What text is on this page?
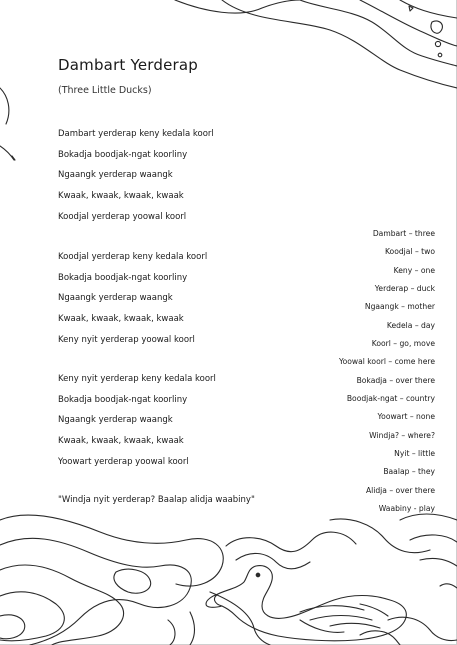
Dambart Yerderap
(Three Little Ducks)
Dambart yerderap keny kedala koorl
Bokadja boodjak-ngat koorliny
Ngaangk yerderap waangk
Kwaak, kwaak, kwaak, kwaak
Koodjal yerderap yoowal koorl
Koodjal yerderap keny kedala koorl
Bokadja boodjak-ngat koorliny
Ngaangk yerderap waangk
Kwaak, kwaak, kwaak, kwaak
Keny nyit yerderap yoowal koorl
Keny nyit yerderap keny kedala koorl
Bokadja boodjak-ngat koorliny
Ngaangk yerderap waangk
Kwaak, kwaak, kwaak, kwaak
Yoowart yerderap yoowal koorl
"Windja nyit yerderap? Baalap alidja waabiny"
Dambart – three
Koodjal – two
Keny – one
Yerderap – duck
Ngaangk – mother
Kedela – day
Koorl – go, move
Yoowal koorl – come here
Bokadja – over there
Boodjak-ngat – country
Yoowart – none
Windja? – where?
Nyit – little
Baalap – they
Alidja – over there
Waabiny - play
